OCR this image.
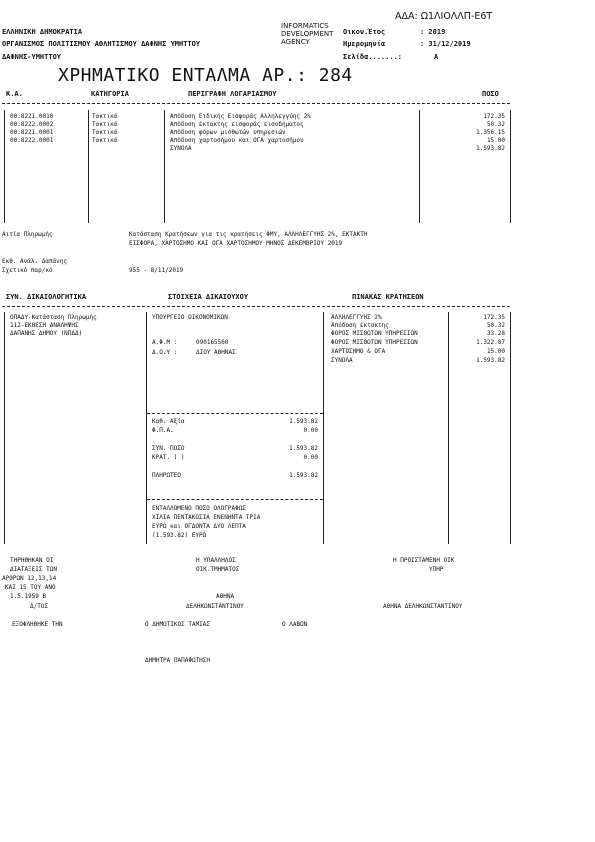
ΑΔΑ: Ω1ΛΙΟΛΛΠ-Ε6Τ
ΕΛΛΗΝΙΚΗ ΔΗΜΟΚΡΑΤΙΑ
ΟΡΓΑΝΙΣΜΟΣ ΠΟΛΙΤΙΣΜΟΥ ΑΘΛΗΤΙΣΜΟΥ ΔΑΦΝΗΣ ΥΜΗΤΤΟΥ
ΔΑΦΝΗΣ-ΥΜΗΤΤΟΥ
INFORMATICS
DEVELOPMENT
AGENCY
Οικον.Έτος	: 2019
Ημερομηνία	: 31/12/2019
Σελίδα.......:	A
ΧΡΗΜΑΤΙΚΟ ΕΝΤΑΛΜΑ ΑΡ.: 284
Κ.Α.	ΚΑΤΗΓΟΡΙΑ	ΠΕΡΙΓΡΑΦΗ ΛΟΓΑΡΙΑΣΜΟΥ	ΠΟΣΟ
00.8221.0010	Τακτικά	Απόδοση Ειδικής Εισφοράς Αλληλεγγύης 2%	172.35
00.8222.0002	Τακτικά	Απόδοση έκτακτης εισφοράς εισοδήματος	50.32
00.8221.0001	Τακτικά	Απόδοση φόρων μισθωτών υπηρεσιών	1.356.15
00.8222.0001	Τακτικά	Απόδοση χαρτοσήμου και ΟΓΑ χαρτοσήμου	15.00
ΣΥΝΟΛΑ	1.593.82
Αιτία Πληρωμής	Κατάσταση Κρατήσεων για τις κρατήσεις ΦΜΥ, ΑΛΛΗΛΕΓΓΥΗΣ 2%, ΕΚΤΑΚΤΗ
ΕΙΣΦΟΡΑ, ΧΑΡΤΟΣΗΜΟ ΚΑΙ ΟΓΑ ΧΑΡΤΟΣΗΜΟΥ ΜΗΝΟΣ ΔΕΚΕΜΒΡΙΟΥ 2019
Εκθ. Ανάλ. Δαπάνης
Σχετικό παρ/κό	955 - 8/11/2019
ΣΥΝ. ΔΙΚΑΙΟΛΟΓΗΤΙΚΑ	ΣΤΟΙΧΕΙΑ ΔΙΚΑΙΟΥΧΟΥ	ΠΙΝΑΚΑΣ ΚΡΑΤΗΣΕΩΝ
ΟΠΑΔΥ-Κατάσταση Πληρωμής
112-ΕΚΘΕΣΗ ΑΝΑΛΗΨΗΣ
ΔΑΠΑΝΗΣ ΔΗΜΟΥ (ΝΠΔΔ)
ΥΠΟΥΡΓΕΙΟ ΟΙΚΟΝΟΜΙΚΩΝ
Α.Φ.Μ :	090165560
Δ.Ο.Υ :	ΔΙΟΥ ΑΘΗΝΑΣ
Καθ. Αξία	1.593.82
Φ.Π.Α.	0.00
ΣΥΝ. ΠΟΣΟ	1.593.82
ΚΡΑΤ. ( )	0.00
ΠΛΗΡΩΤΕΟ	1.593.82
ΕΝΤΑΛΛΟΜΕΝΟ ΠΟΣΟ ΟΛΟΓΡΑΦΩΣ
ΧΙΛΙΑ ΠΕΝΤΑΚΟΣΙΑ ΕΝΕΝΗΝΤΑ ΤΡΙΑ
ΕΥΡΩ και ΟΓΔΟΝΤΑ ΔΥΟ ΛΕΠΤΑ
(1.593.82) ΕΥΡΩ
ΑΛΛΗΛΕΓΓΥΗΣ 2%	172.35
Απόδοση έκτακτης	50.32
ΦΟΡΟΣ ΜΙΣΘΩΤΩΝ ΥΠΗΡΕΣΙΩΝ	33.28
ΦΟΡΟΣ ΜΙΣΘΩΤΩΝ ΥΠΗΡΕΣΙΩΝ	1.322.87
ΧΑΡΤΟΣΗΜΟ & ΟΓΑ	15.00
ΣΥΝΟΛΑ	1.593.82
ΤΗΡΗΘΗΚΑΝ ΟΙ
ΔΙΑΤΑΞΕΙΣ ΤΩΝ
ΑΡΘΡΩΝ 12,13,14
ΚΑΙ 15 ΤΟΥ ΑΝΟ
1.5.1959 Β
Δ/ΤΟΣ
Η ΥΠΑΛΛΗΛΟΣ
ΟΙΚ.ΤΜΗΜΑΤΟΣ
ΑΘΗΝΑ
ΔΕΛΗΚΩΝΣΤΑΝΤΙΝΟΥ
Η ΠΡΟΙΣΤΑΜΕΝΗ ΟΙΚ
ΥΠΗΡ
ΑΘΗΝΑ ΔΕΛΗΚΩΝΣΤΑΝΤΙΝΟΥ
ΕΞΟΦΛΗΘΗΚΕ ΤΗΝ	Ο ΔΗΜΟΤΙΚΟΣ ΤΑΜΙΑΣ	Ο ΛΑΒΩΝ
ΔΗΜΗΤΡΑ ΠΑΠΑΦΩΤΗΣΗ
